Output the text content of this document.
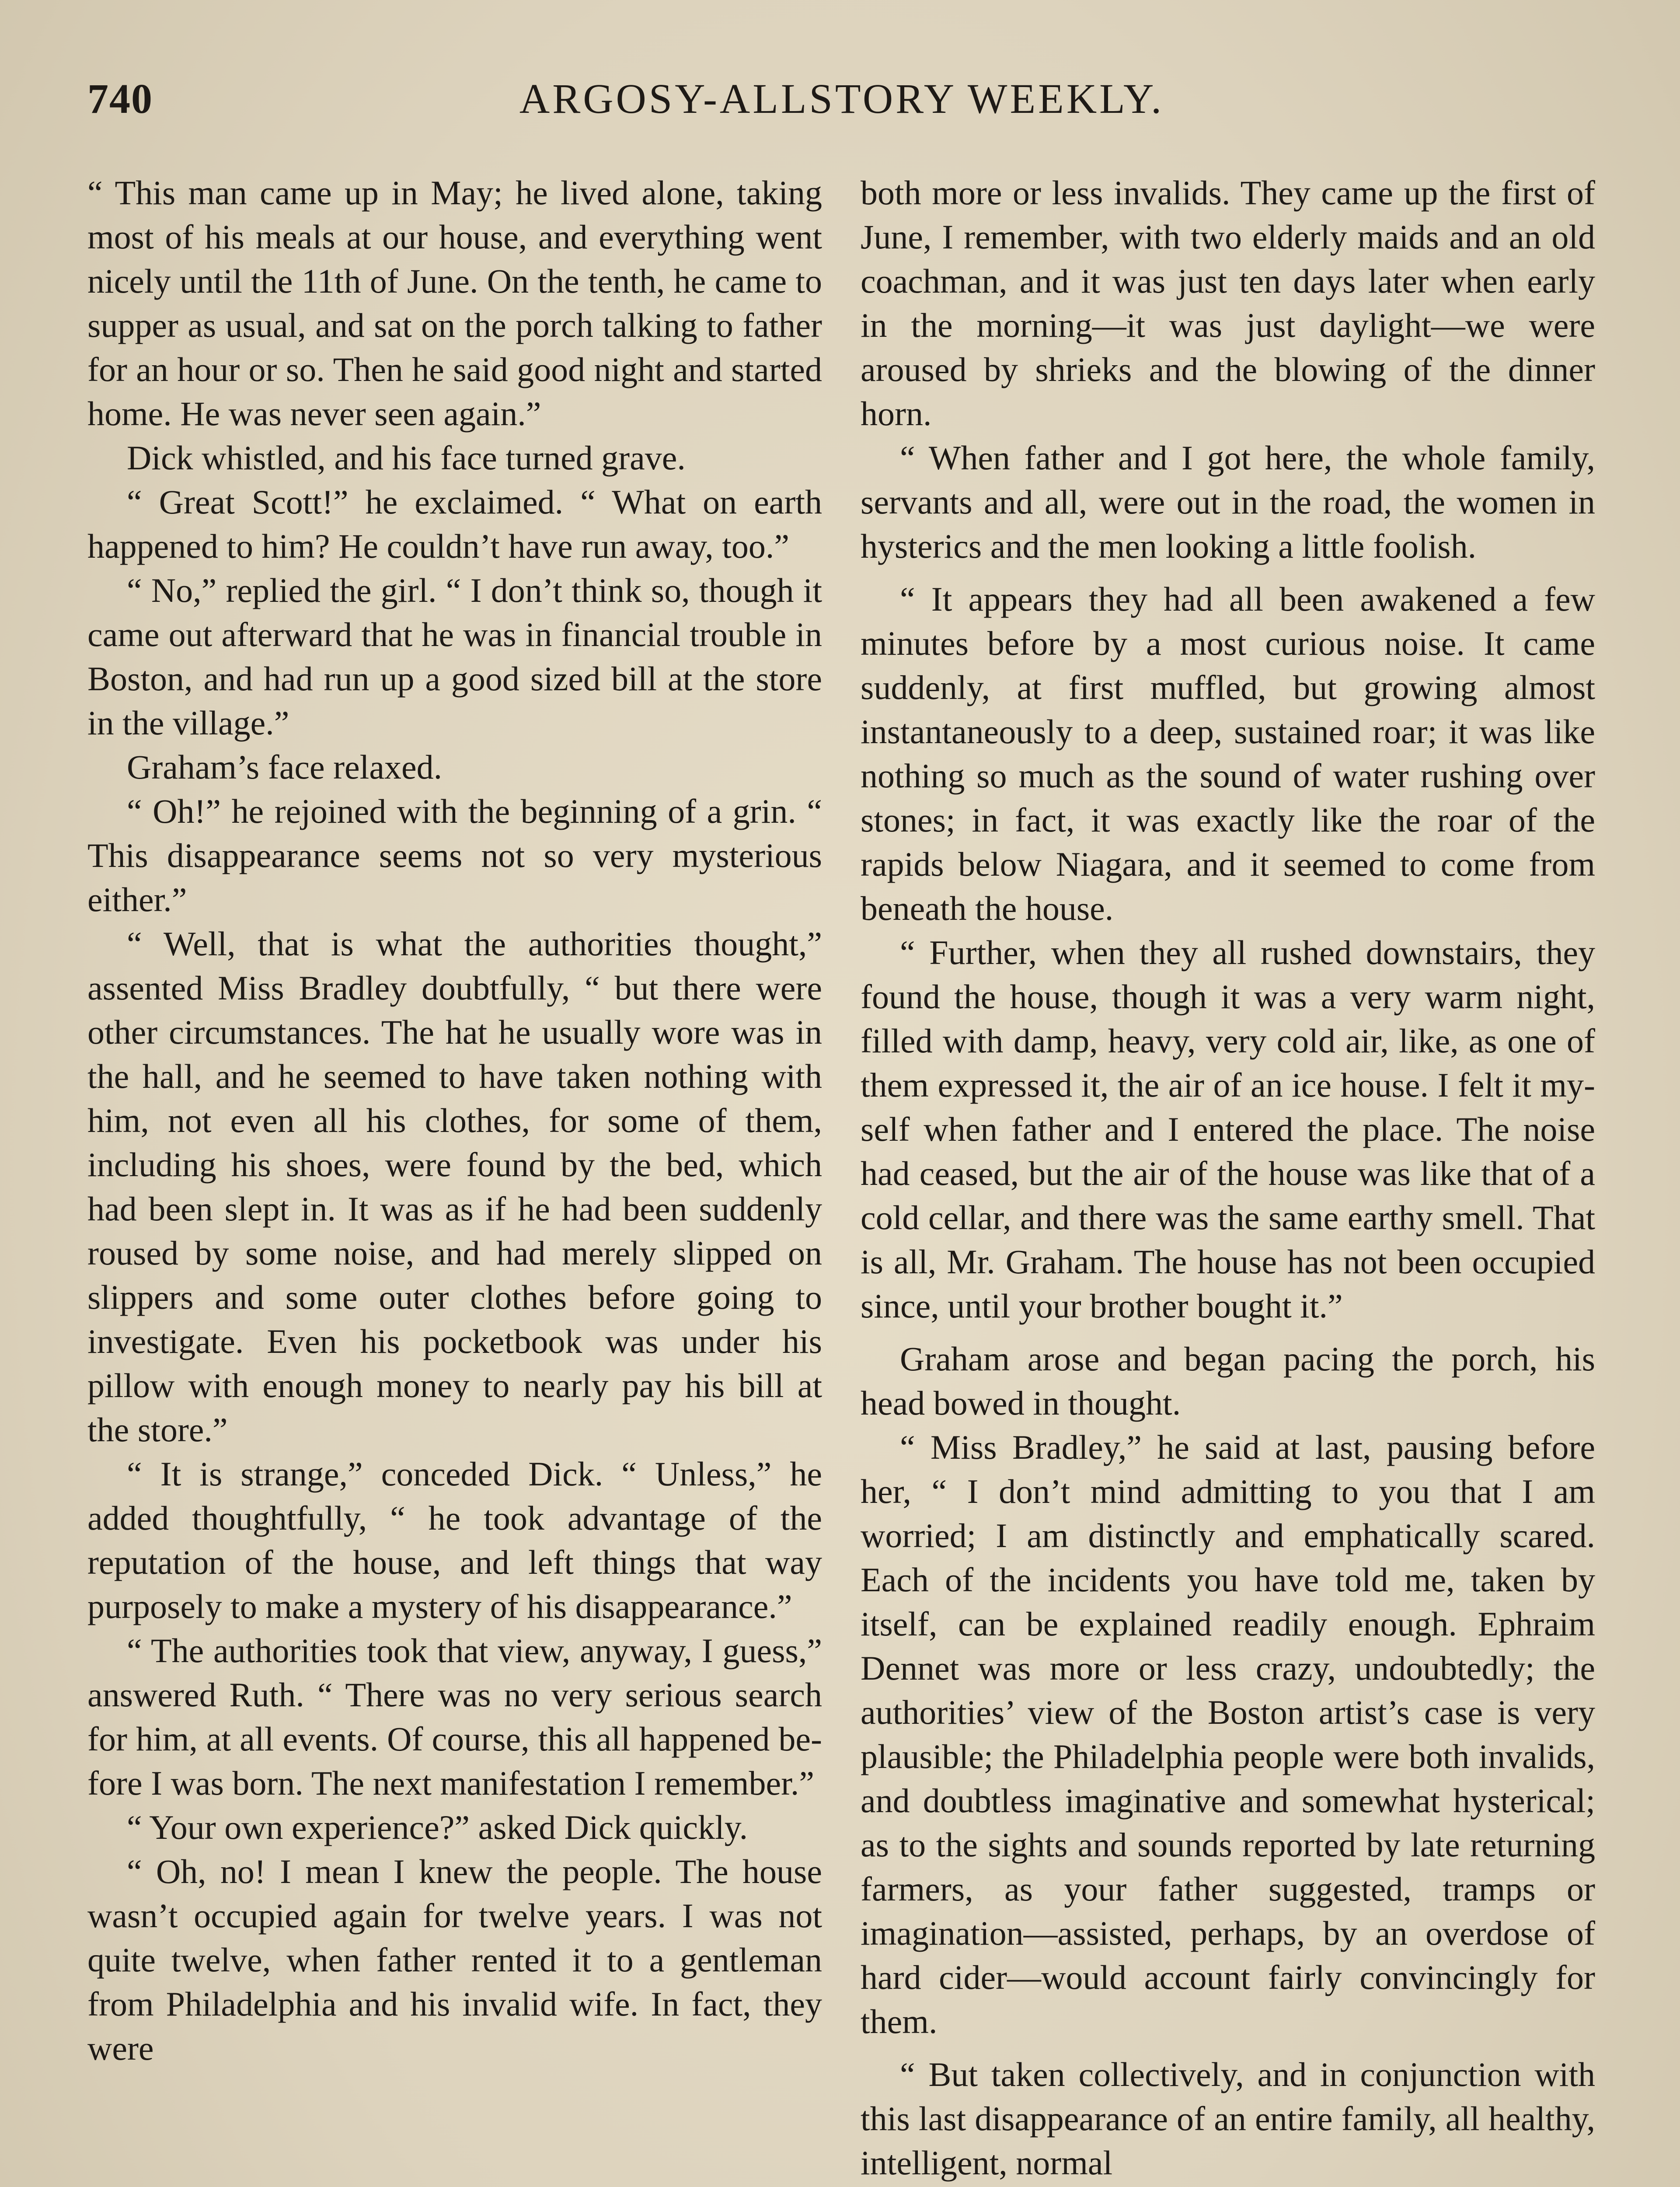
740	ARGOSY-ALLSTORY WEEKLY.

“ This man came up in May; he lived alone, taking most of his meals at our house, and everything went nicely until the 11th of June. On the tenth, he came to supper as usual, and sat on the porch talking to father for an hour or so. Then he said good night and started home. He was never seen again.”

Dick whistled, and his face turned grave.

“ Great Scott!” he exclaimed. “ What on earth happened to him? He couldn’t have run away, too.”

“ No,” replied the girl. “ I don’t think so, though it came out afterward that he was in financial trouble in Boston, and had run up a good sized bill at the store in the village.”

Graham’s face relaxed.

“ Oh!” he rejoined with the beginning of a grin. “ This disappearance seems not so very mysterious either.”

“ Well, that is what the authorities thought,” assented Miss Bradley doubtfully, “ but there were other circumstances. The hat he usually wore was in the hall, and he seemed to have taken nothing with him, not even all his clothes, for some of them, including his shoes, were found by the bed, which had been slept in. It was as if he had been suddenly roused by some noise, and had merely slipped on slippers and some outer clothes before going to investigate. Even his pocketbook was under his pillow with enough money to nearly pay his bill at the store.”

“ It is strange,” conceded Dick. “ Unless,” he added thoughtfully, “ he took advantage of the reputation of the house, and left things that way purposely to make a mystery of his disappearance.”

“ The authorities took that view, anyway, I guess,” answered Ruth. “ There was no very serious search for him, at all events. Of course, this all happened before I was born. The next manifestation I remember.”

“ Your own experience?” asked Dick quickly.

“ Oh, no! I mean I knew the people. The house wasn’t occupied again for twelve years. I was not quite twelve, when father rented it to a gentleman from Philadelphia and his invalid wife. In fact, they were

both more or less invalids. They came up the first of June, I remember, with two elderly maids and an old coachman, and it was just ten days later when early in the morning—it was just daylight—we were aroused by shrieks and the blowing of the dinner horn.

“ When father and I got here, the whole family, servants and all, were out in the road, the women in hysterics and the men looking a little foolish.

“ It appears they had all been awakened a few minutes before by a most curious noise. It came suddenly, at first muffled, but growing almost instantaneously to a deep, sustained roar; it was like nothing so much as the sound of water rushing over stones; in fact, it was exactly like the roar of the rapids below Niagara, and it seemed to come from beneath the house.

“ Further, when they all rushed downstairs, they found the house, though it was a very warm night, filled with damp, heavy, very cold air, like, as one of them expressed it, the air of an ice house. I felt it myself when father and I entered the place. The noise had ceased, but the air of the house was like that of a cold cellar, and there was the same earthy smell. That is all, Mr. Graham. The house has not been occupied since, until your brother bought it.”

Graham arose and began pacing the porch, his head bowed in thought.

“ Miss Bradley,” he said at last, pausing before her, “ I don’t mind admitting to you that I am worried; I am distinctly and emphatically scared. Each of the incidents you have told me, taken by itself, can be explained readily enough. Ephraim Dennet was more or less crazy, undoubtedly; the authorities’ view of the Boston artist’s case is very plausible; the Philadelphia people were both invalids, and doubtless imaginative and somewhat hysterical; as to the sights and sounds reported by late returning farmers, as your father suggested, tramps or imagination—assisted, perhaps, by an overdose of hard cider—would account fairly convincingly for them.

“ But taken collectively, and in conjunction with this last disappearance of an entire family, all healthy, intelligent, normal
